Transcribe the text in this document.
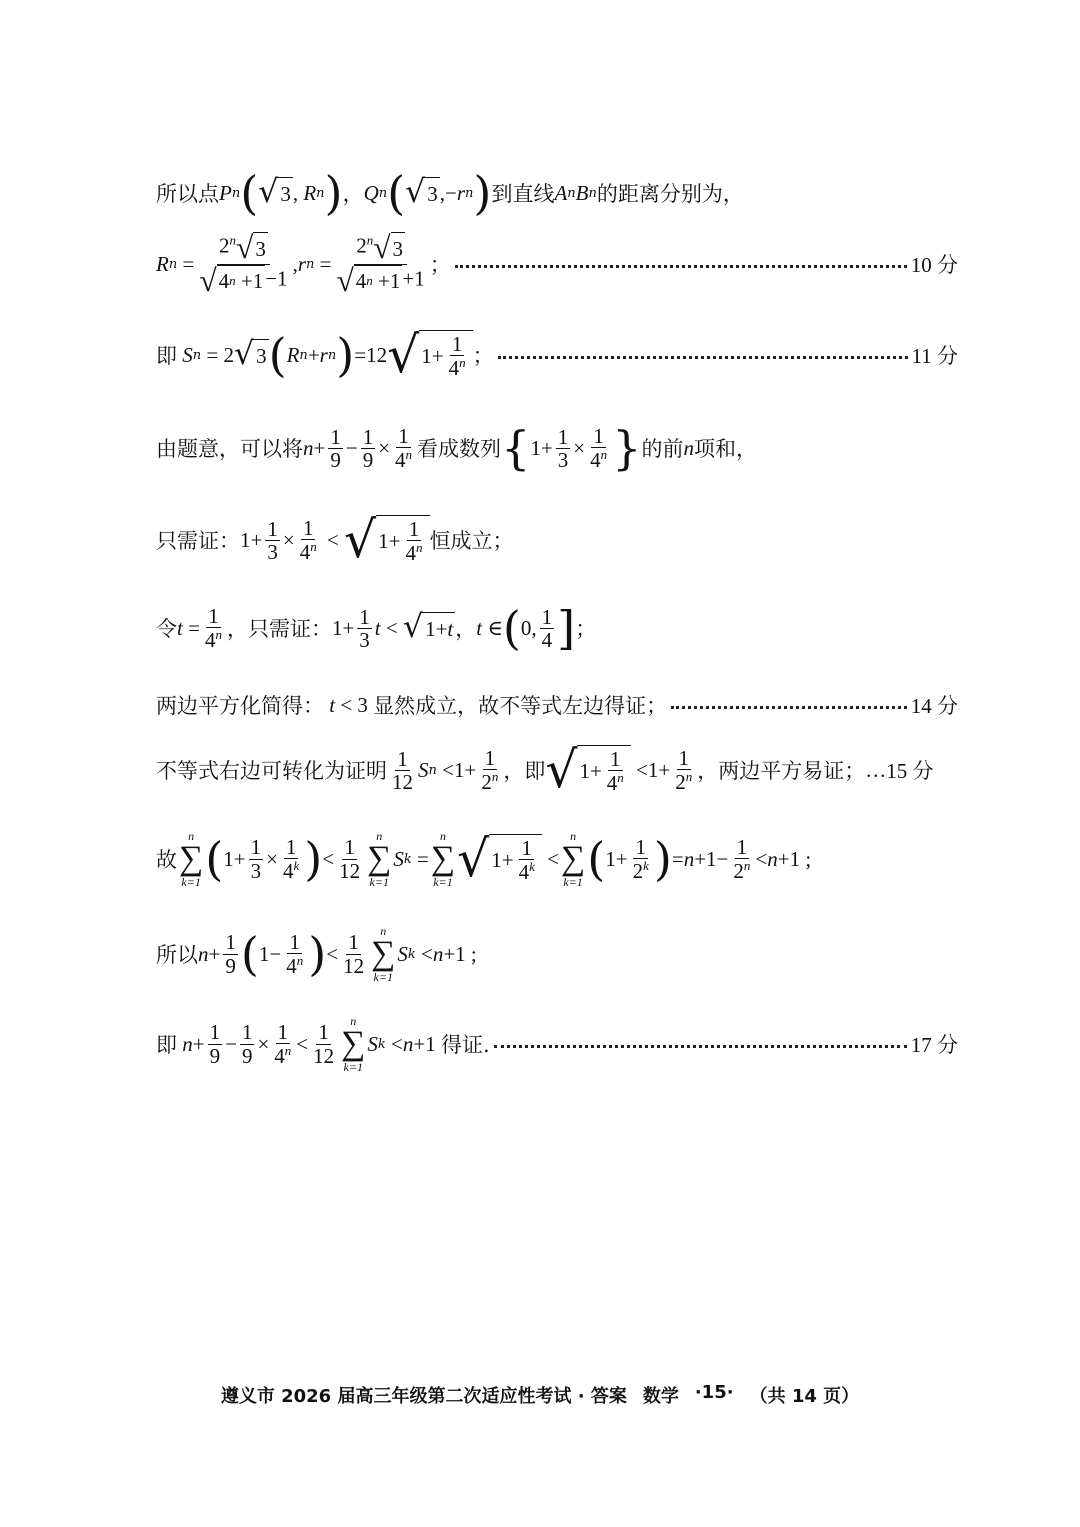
所以点 P n ( √ 3 , R n ) ， Q n ( √ 3 ,− r n ) 到直线 A n B n 的距离分别为，
R $n = \frac{2^n √ 3}{√ 4 n +1 -1}$ , r $n = \frac{2^n √ 3}{√ 4 n +1 +1}$ ；	10 分
即 S n = 2 √ 3 ( R n + r n ) =12 √ $1+ \frac{1}{4^n}$ ；	11 分
由题意，可以将 $n + \frac{1}{9} - \frac{1}{9} \times \frac{1}{4^n}$ 看成数列 { $1+ \frac{1}{3} \times \frac{1}{4^n}$ } 的前 n 项和，
只需证： $1+ \frac{1}{3} \times \frac{1}{4^n}$ < √ $1+ \frac{1}{4^n}$ 恒成立；
令 $t = \frac{1}{4^n}$ ，只需证： $1+ \frac{1}{3}$ t < √ 1+ t ， t ∈ ( 0, $\frac{1}{4}$ ] ；
两边平方化简得： t < 3 显然成立，故不等式左边得证；	14 分
不等式右边可转化为证明 $\frac{1}{12}$ S $n <1+ \frac{1}{2^n}$ ，即 √ $1+ \frac{1}{4^n} <1+ \frac{1}{2^n}$ ，两边平方易证； … 15 分
故
n
∑
k=1 ( $1+ \frac{1}{3} \times \frac{1}{4^k}$ ) < $\frac{1}{12}$
n
∑
k=1
S k =
n
∑
k=1 √ $1+ \frac{1}{4^k}$ <
n
∑
k=1 ( $1+ \frac{1}{2^k}$ ) = $n +1- \frac{1}{2^n} < n +1$ ;
所以 $n + \frac{1}{9}$ ( $1- \frac{1}{4^n}$ ) < $\frac{1}{12}$
n
∑
k=1
S k < n +1 ;
即 $n + \frac{1}{9} - \frac{1}{9} \times \frac{1}{4^n} < \frac{1}{12}$
n
∑
k=1
S k < n +1 得证.	17 分
遵义市 2026 届高三年级第二次适应性考试 · 答案 数学 ·15· （共 14 页）
